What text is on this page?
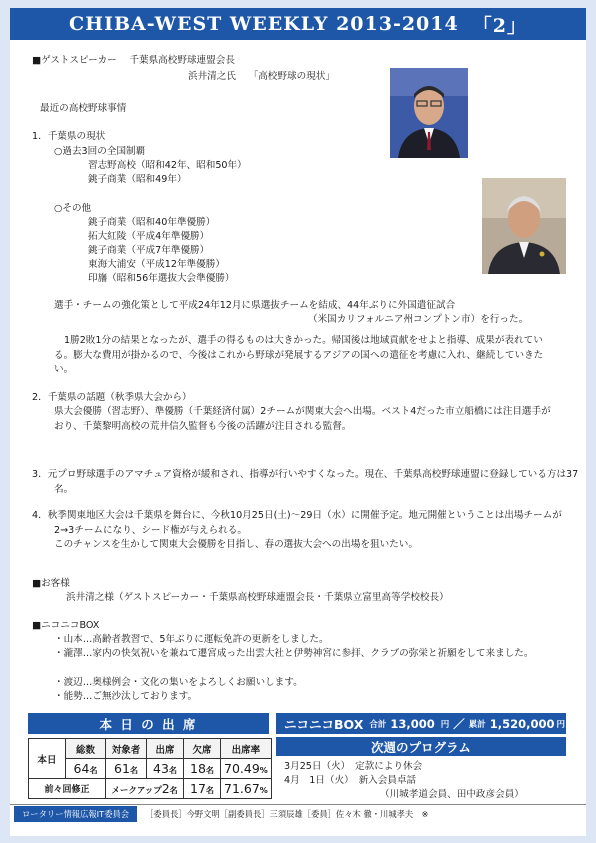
CHIBA-WEST WEEKLY 2013-2014 「2」
■ゲストスピーカー　 千葉県高校野球連盟会長
浜井清之氏　 「高校野球の現状」
最近の高校野球事情
1．千葉県の現状
○過去3回の全国制覇
習志野高校（昭和42年、昭和50年）
銚子商業（昭和49年）
○その他
銚子商業（昭和40年準優勝）
拓大紅陵（平成4年準優勝）
銚子商業（平成7年準優勝）
東海大浦安（平成12年準優勝）
印旛（昭和56年選抜大会準優勝）
選手・チームの強化策として平成24年12月に県選抜チームを結成、44年ぶりに外国遣征試合
（米国カリフォルニア州コンプトン市）を行った。
1勝2敗1分の結果となったが、選手の得るものは大きかった。帰国後は地域貢献をせよと指導、成果が表れている。膨大な費用が掛かるので、今後はこれから野球が発展するアジアの国への遣征を考慮に入れ、継続していきたい。
2．千葉県の話題（秋季県大会から）
県大会優勝（習志野）、準優勝（千葉経済付属）2チームが関東大会へ出場。ベスト4だった市立船橋には注目選手がおり、千葉黎明高校の荒井信久監督も今後の活躍が注目される監督。
3．元プロ野球選手のアマチュア資格が緩和され、指導が行いやすくなった。現在、千葉県高校野球連盟に登録している方は37名。
4．秋季関東地区大会は千葉県を舞台に、今秋10月25日(土)～29日（水）に開催予定。地元開催ということは出場チームが2→3チームになり、シード権が与えられる。
このチャンスを生かして関東大会優勝を目指し、春の選抜大会への出場を狙いたい。
■お客様
浜井清之様（ゲストスピーカー・千葉県高校野球連盟会長・千葉県立富里高等学校校長）
■ニコニコBOX
・山本…高齢者教習で、5年ぶりに運転免許の更新をしました。
・瀧澤…家内の快気祝いを兼ねて遷宮成った出雲大社と伊勢神宮に参拝、クラブの弥栄と祈願をして来ました。
・渡辺…奥様例会・文化の集いをよろしくお願いします。
・能勢…ご無沙汰しております。
本 日 の 出 席
本日	総数	対象者	出席	欠席	出席率
	64名	61名	43名	18名	70.49%
前々回修正		メークアップ2名		17名	71.67%
ニコニコBOX 合計 13,000 円 ／ 累計 1,520,000 円
次週のプログラム
3月25日（火）　定款により休会
4月　1日（火）　新入会員卓話
（川城孝道会員、田中政彦会員）
ロータリー情報広報IT委員会	［委員長］今野文明［副委員長］三須辰雄［委員］佐々木 徹・川城孝夫　※
